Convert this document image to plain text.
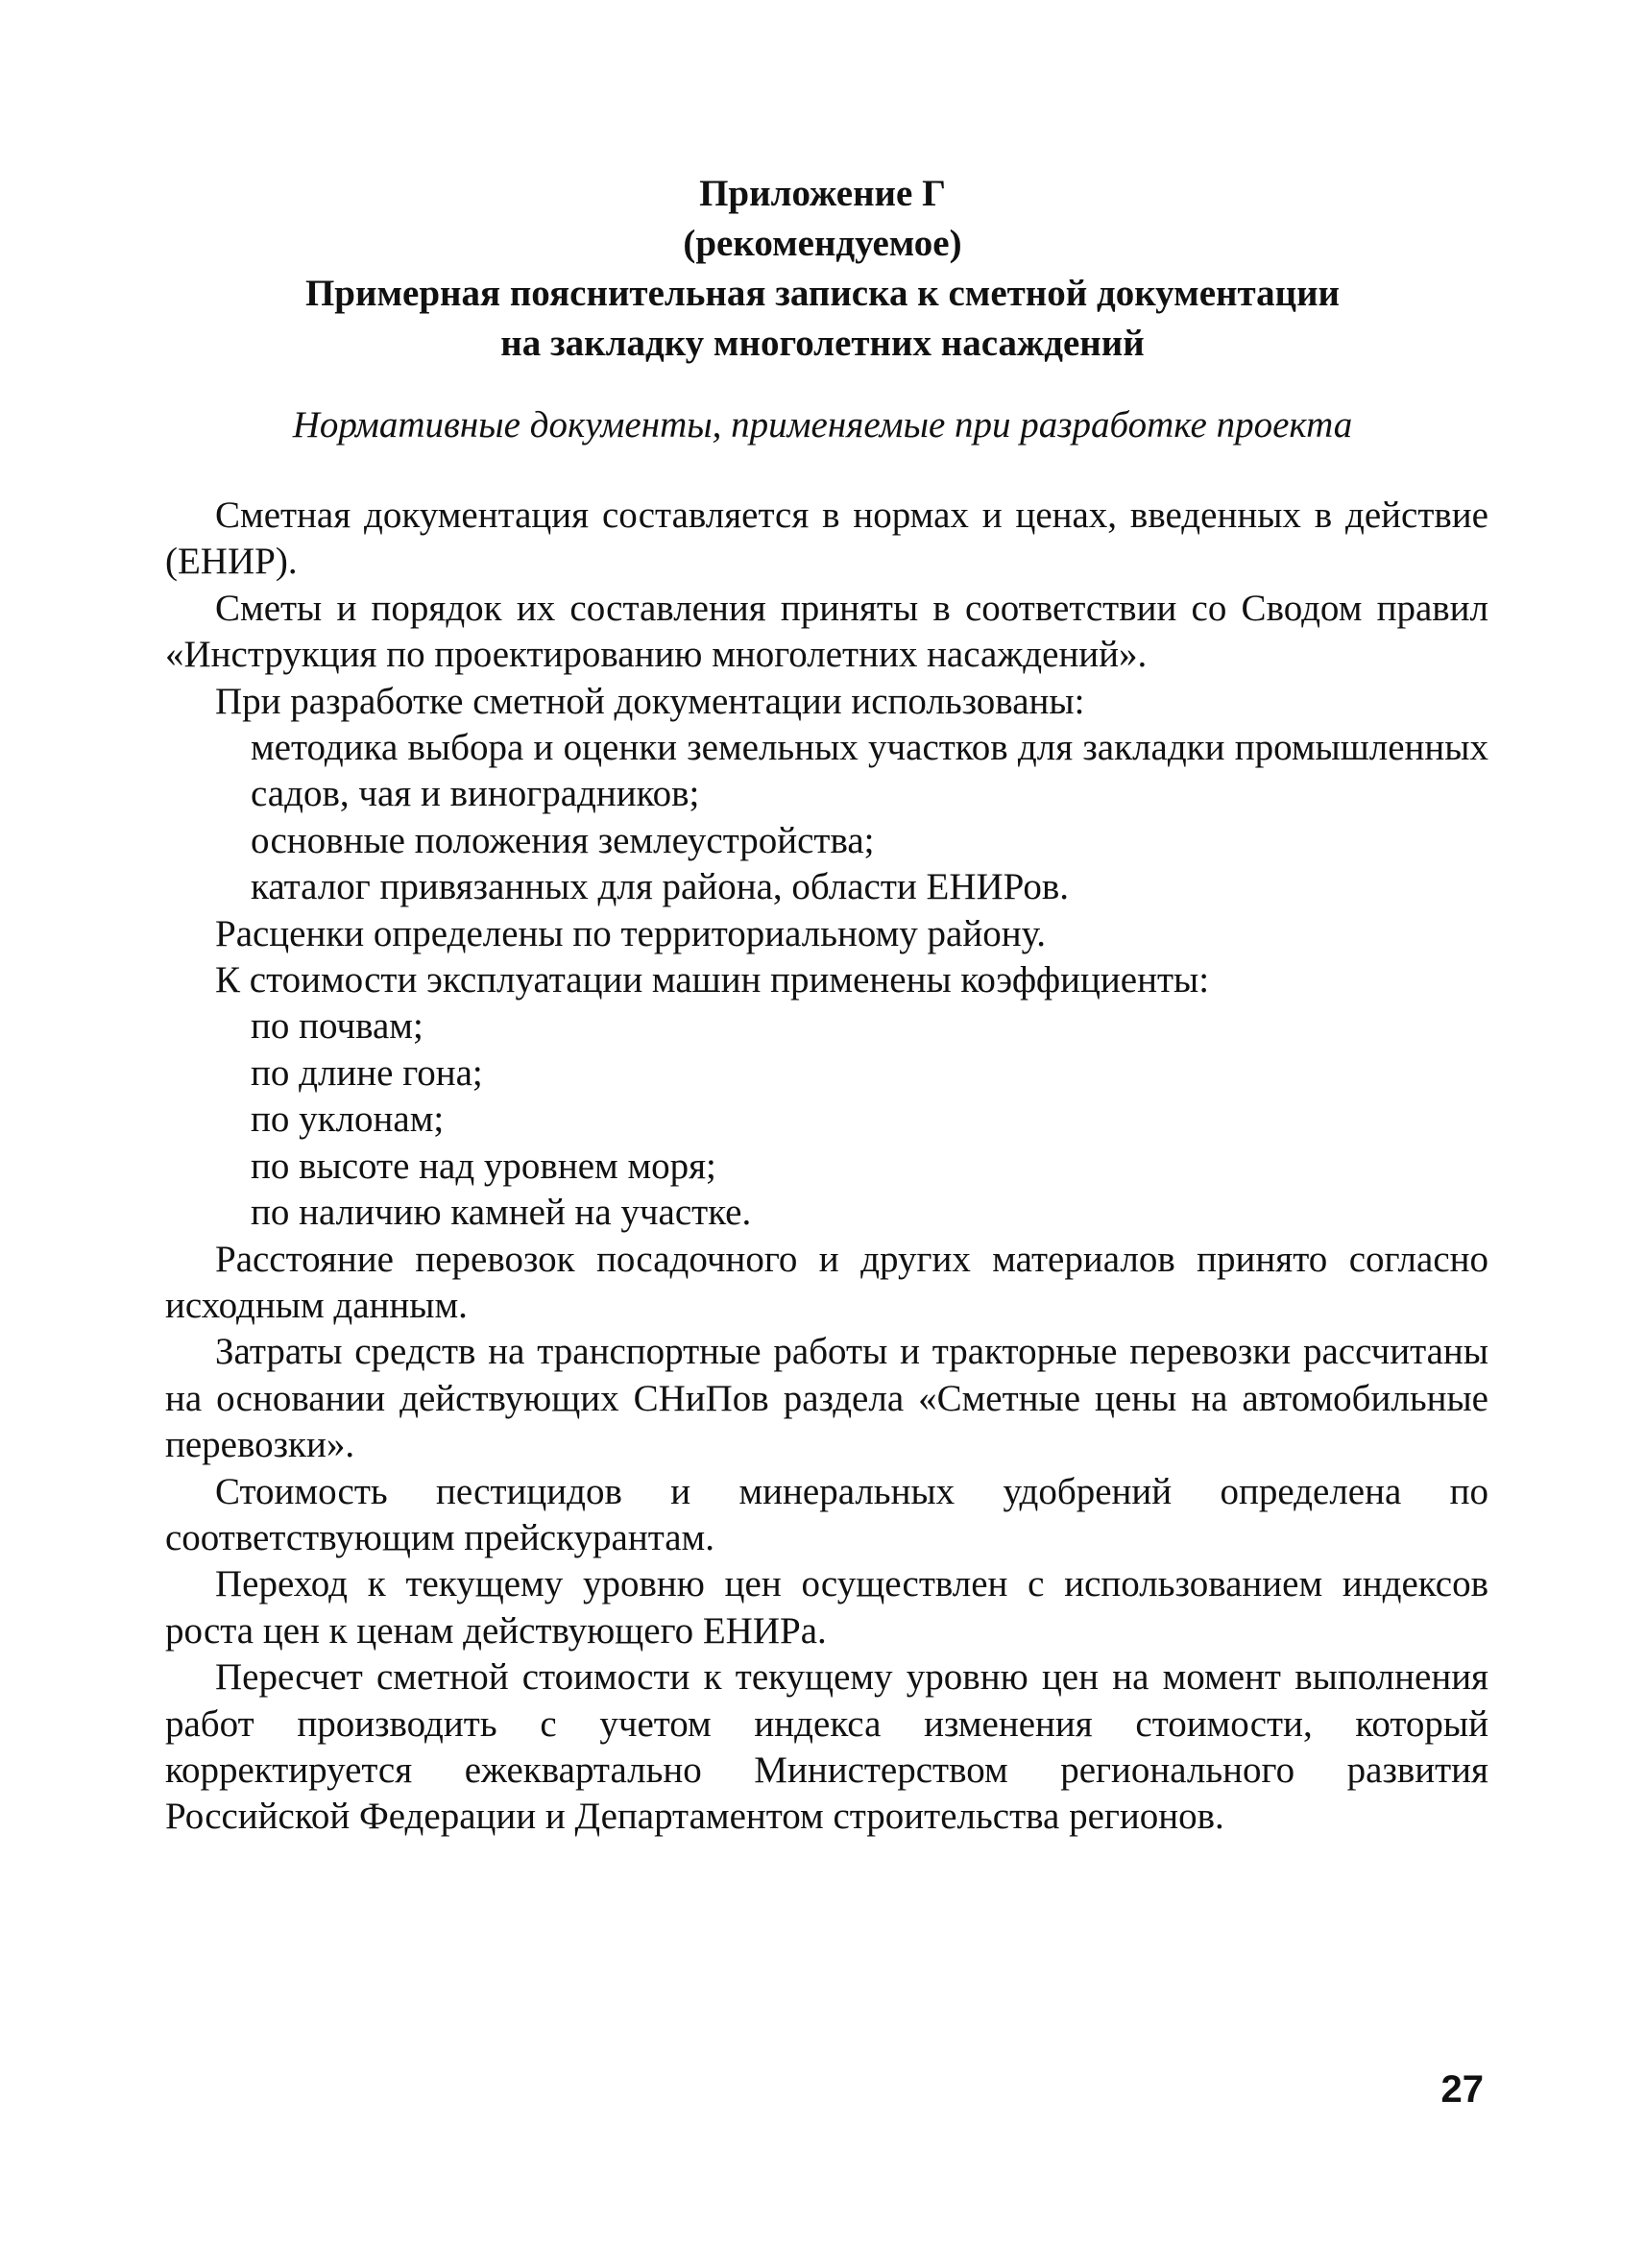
Приложение Г
(рекомендуемое)
Примерная пояснительная записка к сметной документации
на закладку многолетних насаждений
Нормативные документы, применяемые при разработке проекта

Сметная документация составляется в нормах и ценах, введенных в действие (ЕНИР).

Сметы и порядок их составления приняты в соответствии со Сводом правил «Инструкция по проектированию многолетних насаждений».

При разработке сметной документации использованы:

методика выбора и оценки земельных участков для закладки промышленных садов, чая и виноградников;

основные положения землеустройства;

каталог привязанных для района, области ЕНИРов.

Расценки определены по территориальному району.

К стоимости эксплуатации машин применены коэффициенты:

по почвам;

по длине гона;

по уклонам;

по высоте над уровнем моря;

по наличию камней на участке.

Расстояние перевозок посадочного и других материалов принято согласно исходным данным.

Затраты средств на транспортные работы и тракторные перевозки рассчитаны на основании действующих СНиПов раздела «Сметные цены на автомобильные перевозки».

Стоимость пестицидов и минеральных удобрений определена по соответствующим прейскурантам.

Переход к текущему уровню цен осуществлен с использованием индексов роста цен к ценам действующего ЕНИРа.

Пересчет сметной стоимости к текущему уровню цен на момент выполнения работ производить с учетом индекса изменения стоимости, который корректируется ежеквартально Министерством регионального развития Российской Федерации и Департаментом строительства регионов.

27
